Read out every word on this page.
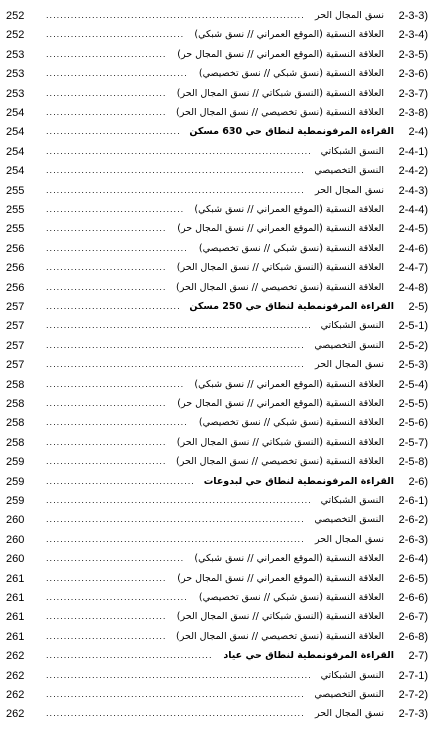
2-3-3)
نسق المجال الحر
.........................................................................
252
2-3-4)
العلاقة النسقية (الموقع العمراني // نسق شبكي)
.......................................
252
2-3-5)
العلاقة النسقية (الموقع العمراني // نسق المجال حر)
..................................
253
2-3-6)
العلاقة النسقية (نسق شبكي // نسق تخصيصي)
........................................
253
2-3-7)
العلاقة النسقية (النسق شبكاتي // نسق المجال الحر)
..................................
253
2-3-8)
العلاقة النسقية (نسق تخصيصي // نسق المجال الحر)
..................................
254
2-4)
القراءة المرفونمطية لنطاق حي 630 مسكن
......................................
254
2-4-1)
النسق الشبكاتي
...........................................................................
254
2-4-2)
النسق التخصيصي
.........................................................................
254
2-4-3)
نسق المجال الحر
.........................................................................
255
2-4-4)
العلاقة النسقية (الموقع العمراني // نسق شبكي)
.......................................
255
2-4-5)
العلاقة النسقية (الموقع العمراني // نسق المجال حر)
..................................
255
2-4-6)
العلاقة النسقية (نسق شبكي // نسق تخصيصي)
........................................
256
2-4-7)
العلاقة النسقية (النسق شبكاتي // نسق المجال الحر)
..................................
256
2-4-8)
العلاقة النسقية (نسق تخصيصي // نسق المجال الحر)
..................................
256
2-5)
القراءة المرفونمطية لنطاق حي 250 مسكن
......................................
257
2-5-1)
النسق الشبكاتي
...........................................................................
257
2-5-2)
النسق التخصيصي
.........................................................................
257
2-5-3)
نسق المجال الحر
.........................................................................
257
2-5-4)
العلاقة النسقية (الموقع العمراني // نسق شبكي)
.......................................
258
2-5-5)
العلاقة النسقية (الموقع العمراني // نسق المجال حر)
..................................
258
2-5-6)
العلاقة النسقية (نسق شبكي // نسق تخصيصي)
........................................
258
2-5-7)
العلاقة النسقية (النسق شبكاتي // نسق المجال الحر)
..................................
258
2-5-8)
العلاقة النسقية (نسق تخصيصي // نسق المجال الحر)
..................................
259
2-6)
القراءة المرفونمطية لنطاق حي لبدوعات
..........................................
259
2-6-1)
النسق الشبكاتي
...........................................................................
259
2-6-2)
النسق التخصيصي
.........................................................................
260
2-6-3)
نسق المجال الحر
.........................................................................
260
2-6-4)
العلاقة النسقية (الموقع العمراني // نسق شبكي)
.......................................
260
2-6-5)
العلاقة النسقية (الموقع العمراني // نسق المجال حر)
..................................
261
2-6-6)
العلاقة النسقية (نسق شبكي // نسق تخصيصي)
........................................
261
2-6-7)
العلاقة النسقية (النسق شبكاتي // نسق المجال الحر)
..................................
261
2-6-8)
العلاقة النسقية (نسق تخصيصي // نسق المجال الحر)
..................................
261
2-7)
القراءة المرفونمطية لنطاق حي عياد
...............................................
262
2-7-1)
النسق الشبكاتي
...........................................................................
262
2-7-2)
النسق التخصيصي
.........................................................................
262
2-7-3)
نسق المجال الحر
.........................................................................
262
